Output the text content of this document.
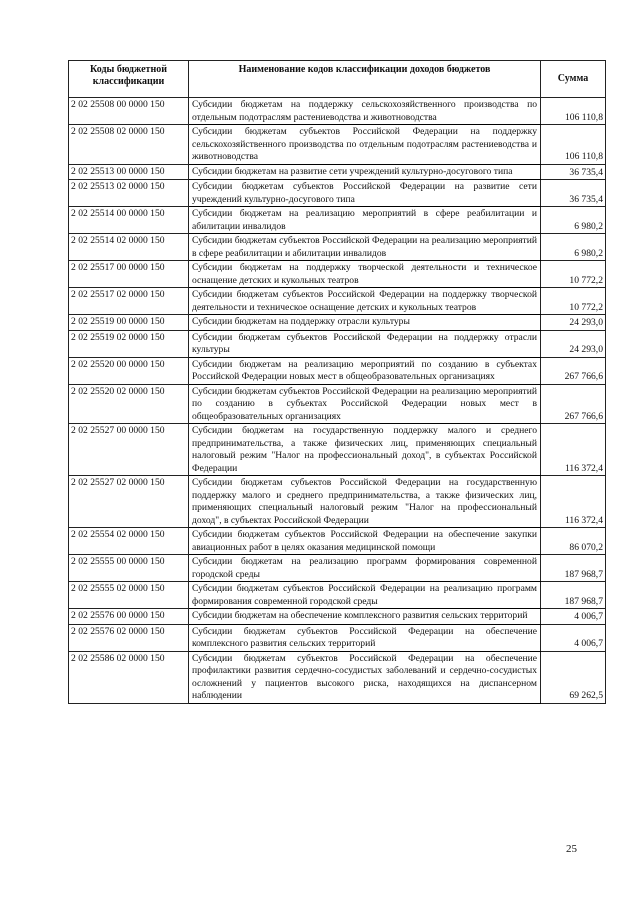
Коды бюджетной классификации	Наименование кодов классификации доходов бюджетов	Сумма
2 02 25508 00 0000 150	Субсидии бюджетам на поддержку сельскохозяйственного производства по отдельным подотраслям растениеводства и животноводства	106 110,8
2 02 25508 02 0000 150	Субсидии бюджетам субъектов Российской Федерации на поддержку сельскохозяйственного производства по отдельным подотраслям растениеводства и животноводства	106 110,8
2 02 25513 00 0000 150	Субсидии бюджетам на развитие сети учреждений культурно-досугового типа	36 735,4
2 02 25513 02 0000 150	Субсидии бюджетам субъектов Российской Федерации на развитие сети учреждений культурно-досугового типа	36 735,4
2 02 25514 00 0000 150	Субсидии бюджетам на реализацию мероприятий в сфере реабилитации и абилитации инвалидов	6 980,2
2 02 25514 02 0000 150	Субсидии бюджетам субъектов Российской Федерации на реализацию мероприятий в сфере реабилитации и абилитации инвалидов	6 980,2
2 02 25517 00 0000 150	Субсидии бюджетам на поддержку творческой деятельности и техническое оснащение детских и кукольных театров	10 772,2
2 02 25517 02 0000 150	Субсидии бюджетам субъектов Российской Федерации на поддержку творческой деятельности и техническое оснащение детских и кукольных театров	10 772,2
2 02 25519 00 0000 150	Субсидии бюджетам на поддержку отрасли культуры	24 293,0
2 02 25519 02 0000 150	Субсидии бюджетам субъектов Российской Федерации на поддержку отрасли культуры	24 293,0
2 02 25520 00 0000 150	Субсидии бюджетам на реализацию мероприятий по созданию в субъектах Российской Федерации новых мест в общеобразовательных организациях	267 766,6
2 02 25520 02 0000 150	Субсидии бюджетам субъектов Российской Федерации на реализацию мероприятий по созданию в субъектах Российской Федерации новых мест в общеобразовательных организациях	267 766,6
2 02 25527 00 0000 150	Субсидии бюджетам на государственную поддержку малого и среднего предпринимательства, а также физических лиц, применяющих специальный налоговый режим "Налог на профессиональный доход", в субъектах Российской Федерации	116 372,4
2 02 25527 02 0000 150	Субсидии бюджетам субъектов Российской Федерации на государственную поддержку малого и среднего предпринимательства, а также физических лиц, применяющих специальный налоговый режим "Налог на профессиональный доход", в субъектах Российской Федерации	116 372,4
2 02 25554 02 0000 150	Субсидии бюджетам субъектов Российской Федерации на обеспечение закупки авиационных работ в целях оказания медицинской помощи	86 070,2
2 02 25555 00 0000 150	Субсидии бюджетам на реализацию программ формирования современной городской среды	187 968,7
2 02 25555 02 0000 150	Субсидии бюджетам субъектов Российской Федерации на реализацию программ формирования современной городской среды	187 968,7
2 02 25576 00 0000 150	Субсидии бюджетам на обеспечение комплексного развития сельских территорий	4 006,7
2 02 25576 02 0000 150	Субсидии бюджетам субъектов Российской Федерации на обеспечение комплексного развития сельских территорий	4 006,7
2 02 25586 02 0000 150	Субсидии бюджетам субъектов Российской Федерации на обеспечение профилактики развития сердечно-сосудистых заболеваний и сердечно-сосудистых осложнений у пациентов высокого риска, находящихся на диспансерном наблюдении	69 262,5
25
